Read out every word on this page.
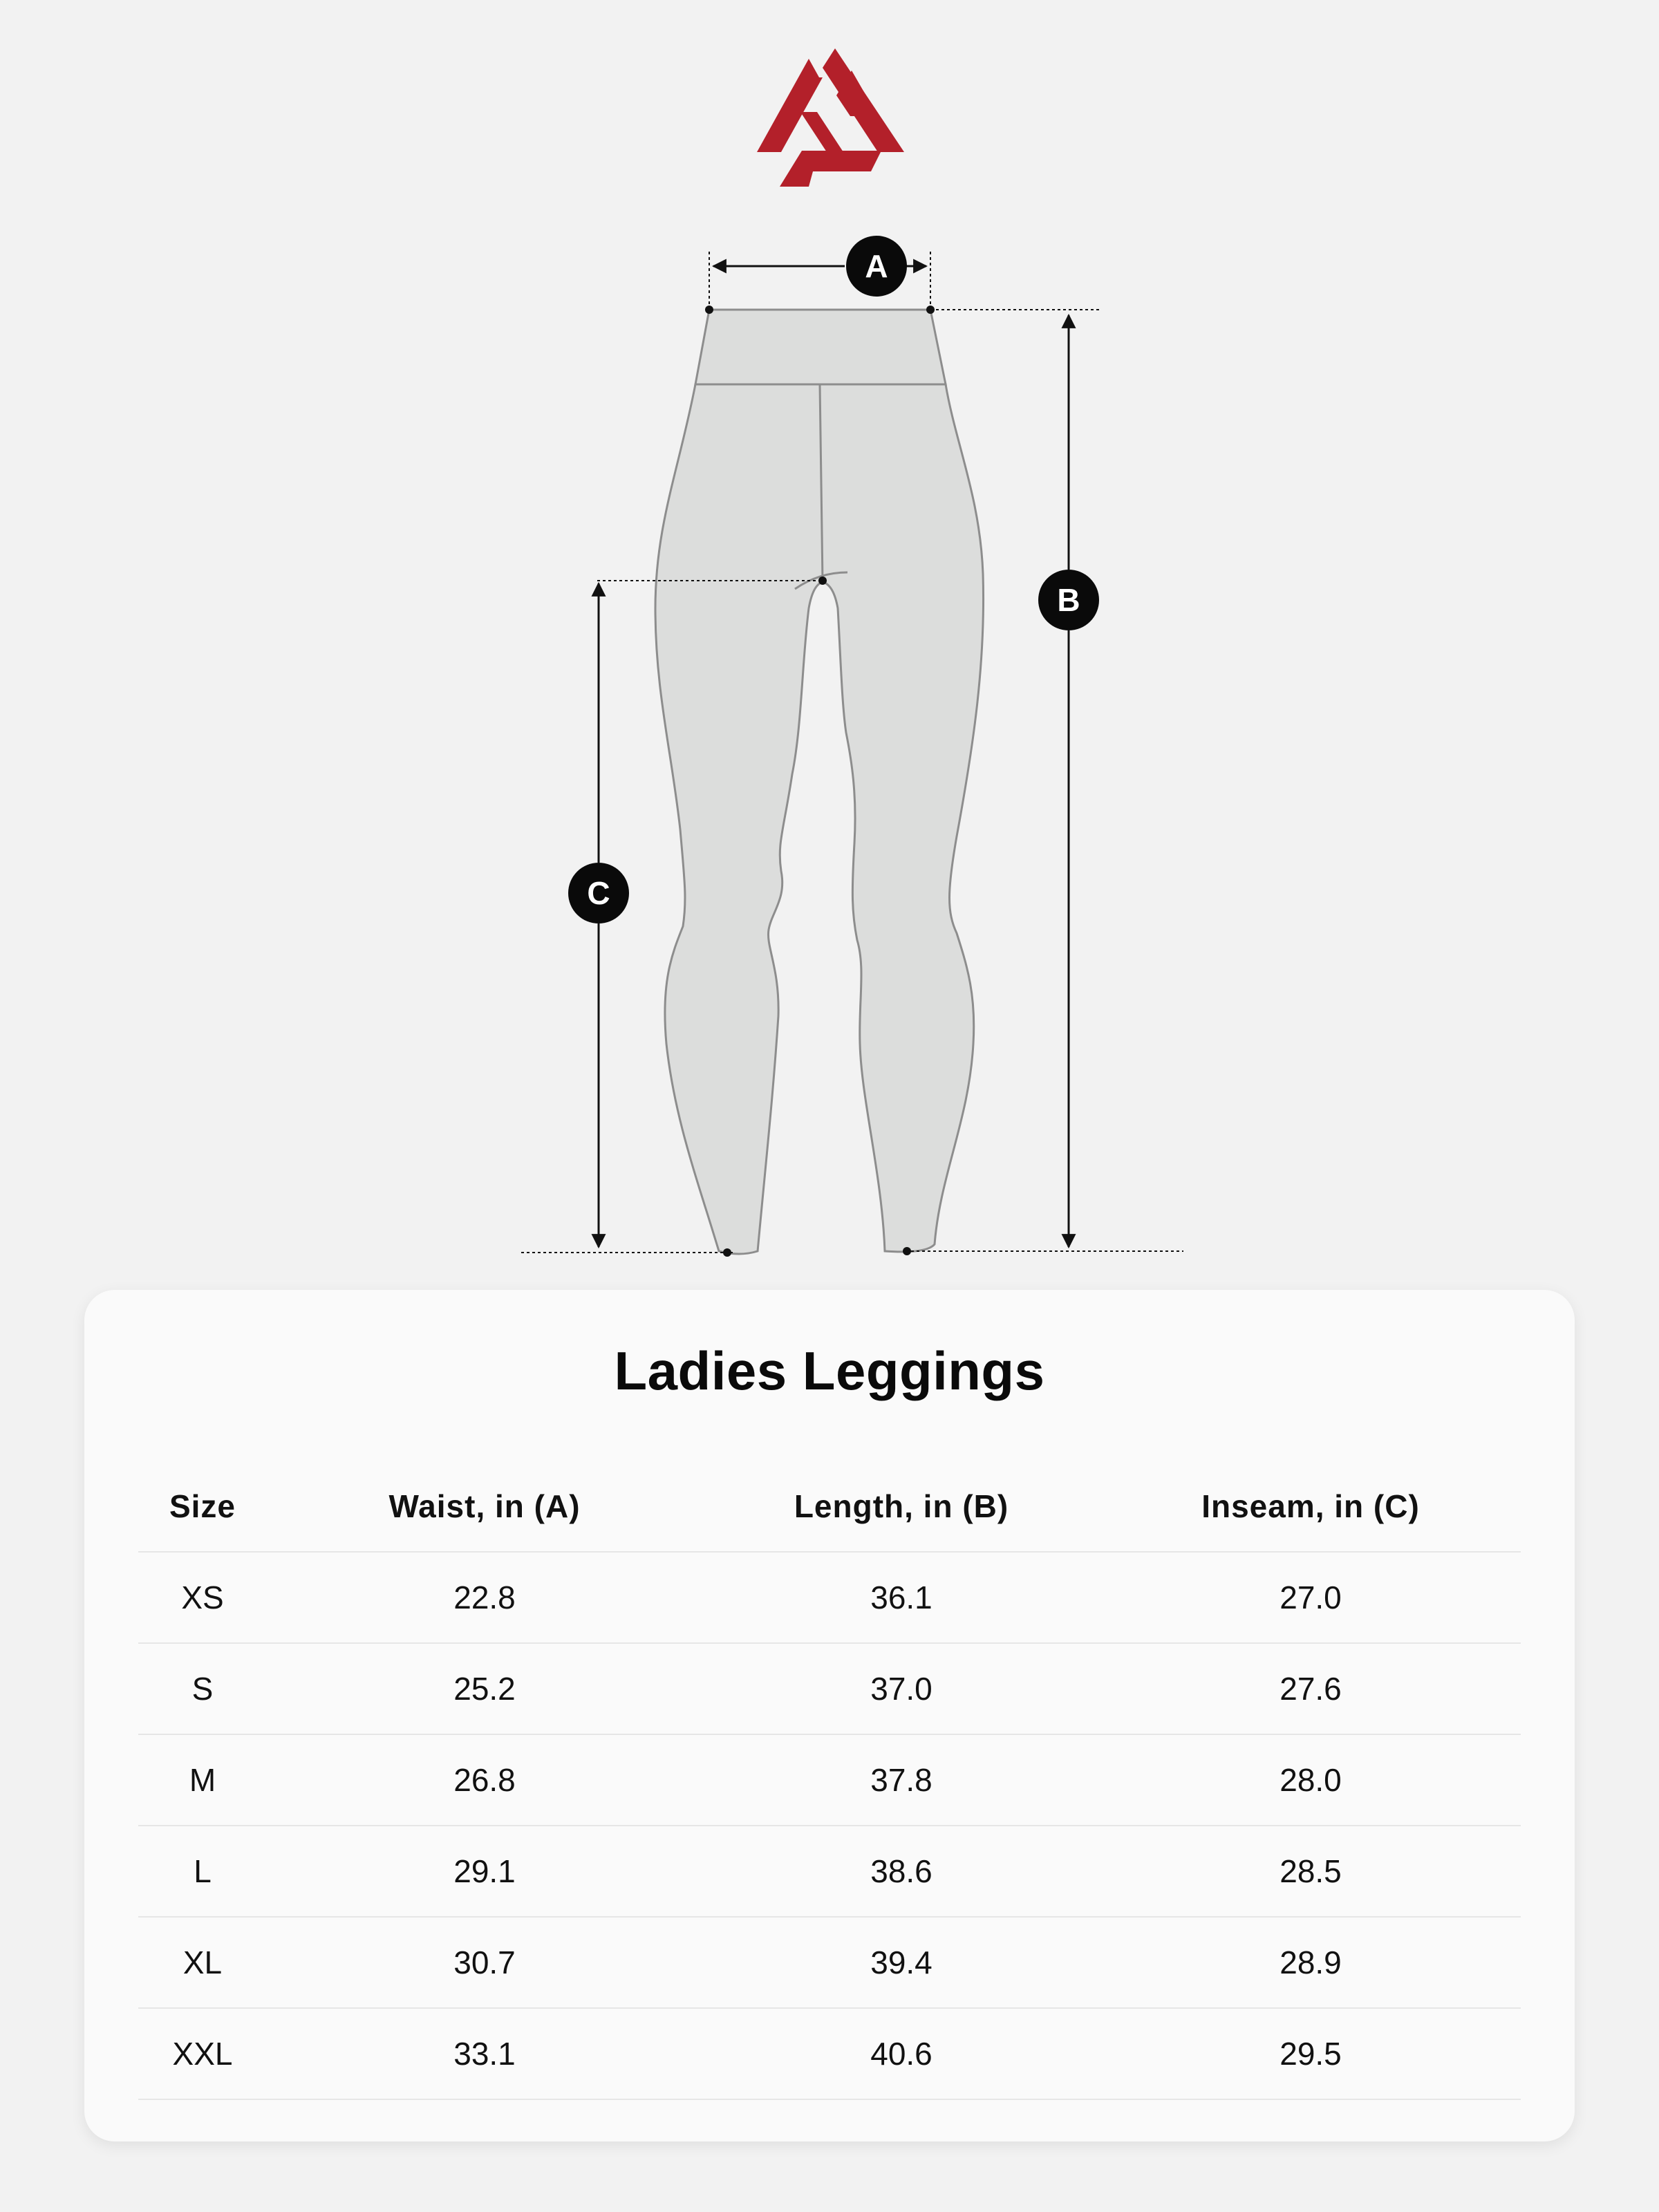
A
B
C
Ladies Leggings
Size	Waist, in (A)	Length, in (B)	Inseam, in (C)
XS	22.8	36.1	27.0
S	25.2	37.0	27.6
M	26.8	37.8	28.0
L	29.1	38.6	28.5
XL	30.7	39.4	28.9
XXL	33.1	40.6	29.5
